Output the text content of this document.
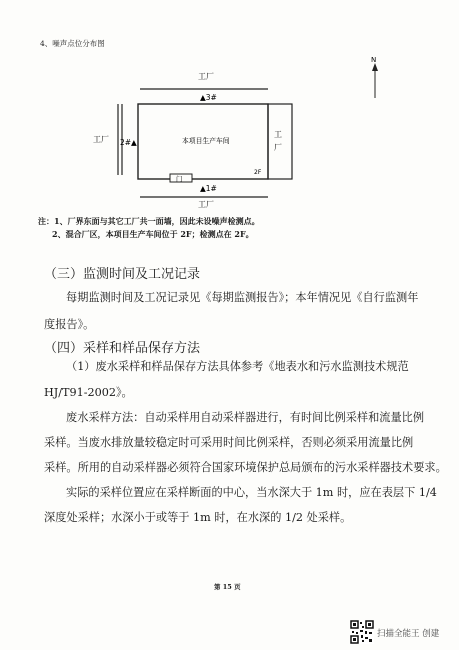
4、噪声点位分布图
N
工厂
工厂
工
厂
工厂
本项目生产车间
▲3#
2#▲
▲1#
2F
门
注：1、厂界东面与其它工厂共一面墙，因此未设噪声检测点。
2、混合厂区，本项目生产车间位于 2F；检测点在 2F。
（三）监测时间及工况记录
每期监测时间及工况记录见《每期监测报告》；本年情况见《自行监测年
度报告》。
（四）采样和样品保存方法
（1）废水采样和样品保存方法具体参考《地表水和污水监测技术规范
HJ/T91-2002》。
废水采样方法：自动采样用自动采样器进行，有时间比例采样和流量比例
采样。当废水排放量较稳定时可采用时间比例采样，否则必须采用流量比例
采样。所用的自动采样器必须符合国家环境保护总局颁布的污水采样器技术要求。
实际的采样位置应在采样断面的中心，当水深大于 1m 时，应在表层下 1/4
深度处采样；水深小于或等于 1m 时，在水深的 1/2 处采样。
第 15 页
扫描全能王 创建
